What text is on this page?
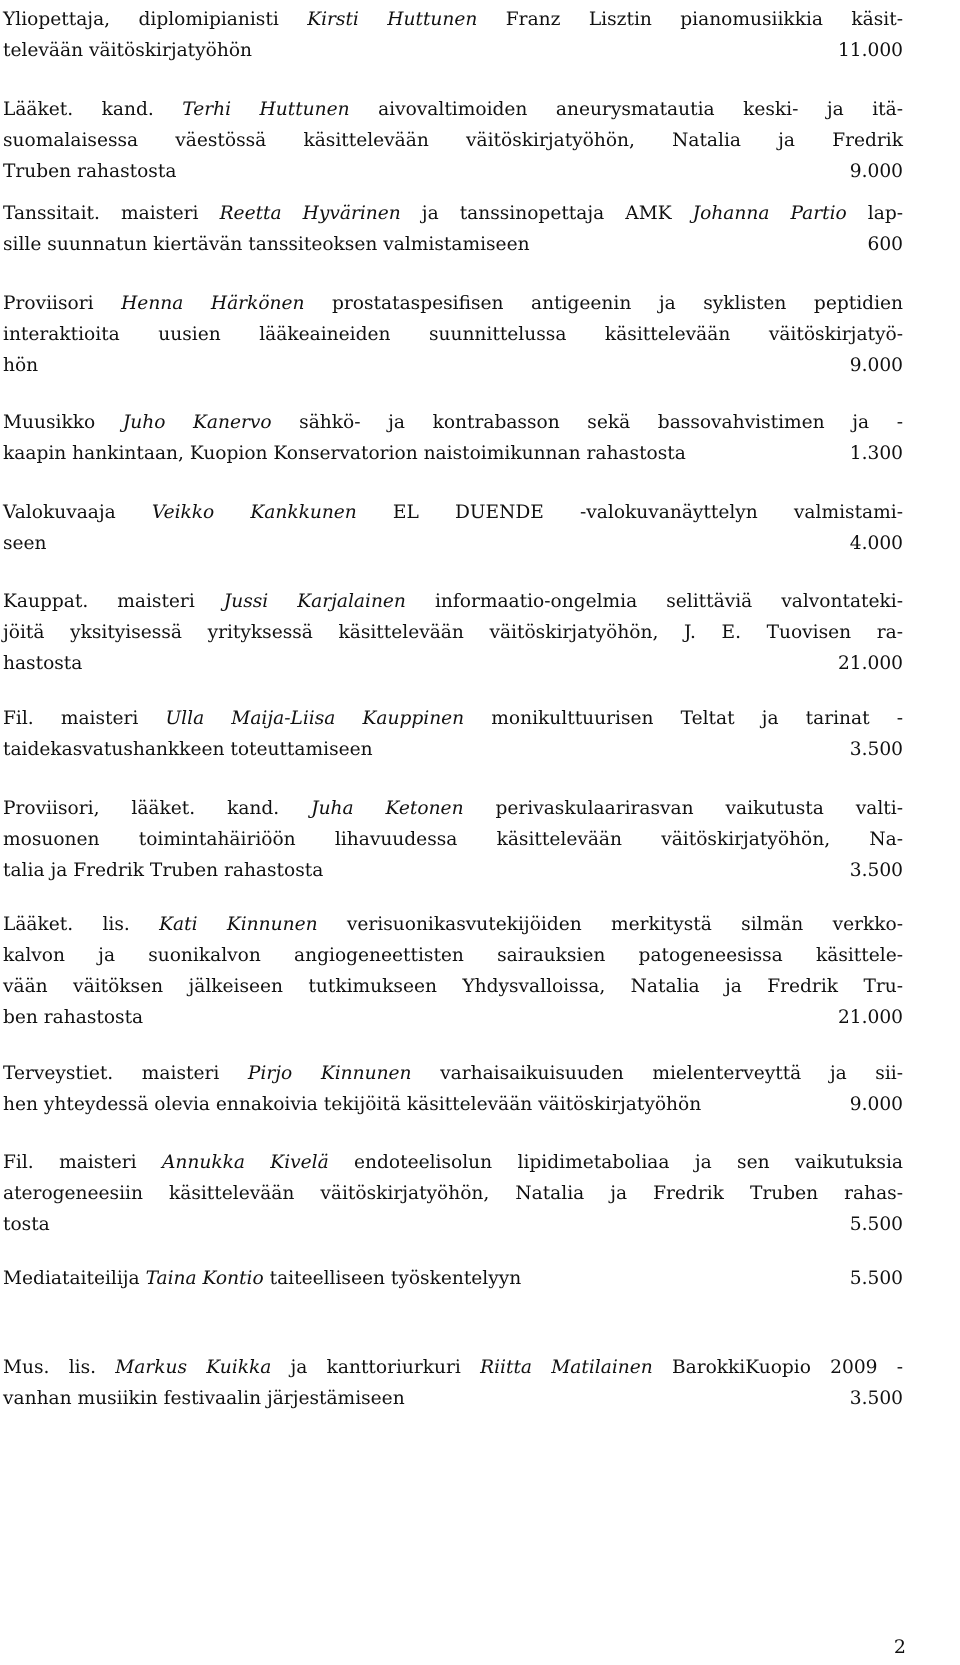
Yliopettaja, diplomipianisti Kirsti Huttunen Franz Lisztin pianomusiikkia käsit-
televään väitöskirjatyöhön	11.000
Lääket. kand. Terhi Huttunen aivovaltimoiden aneurysmatautia keski- ja itä-
suomalaisessa väestössä käsittelevään väitöskirjatyöhön, Natalia ja Fredrik
Truben rahastosta	9.000
Tanssitait. maisteri Reetta Hyvärinen ja tanssinopettaja AMK Johanna Partio lap-
sille suunnatun kiertävän tanssiteoksen valmistamiseen	600
Proviisori Henna Härkönen prostataspesifisen antigeenin ja syklisten peptidien
interaktioita uusien lääkeaineiden suunnittelussa käsittelevään väitöskirjatyö-
hön	9.000
Muusikko Juho Kanervo sähkö- ja kontrabasson sekä bassovahvistimen ja -
kaapin hankintaan, Kuopion Konservatorion naistoimikunnan rahastosta	1.300
Valokuvaaja Veikko Kankkunen EL DUENDE -valokuvanäyttelyn valmistami-
seen	4.000
Kauppat. maisteri Jussi Karjalainen informaatio-ongelmia selittäviä valvontateki-
jöitä yksityisessä yrityksessä käsittelevään väitöskirjatyöhön, J. E. Tuovisen ra-
hastosta	21.000
Fil. maisteri Ulla Maija-Liisa Kauppinen monikulttuurisen Teltat ja tarinat -
taidekasvatushankkeen toteuttamiseen	3.500
Proviisori, lääket. kand. Juha Ketonen perivaskulaarirasvan vaikutusta valti-
mosuonen toimintahäiriöön lihavuudessa käsittelevään väitöskirjatyöhön, Na-
talia ja Fredrik Truben rahastosta	3.500
Lääket. lis. Kati Kinnunen verisuonikasvutekijöiden merkitystä silmän verkko-
kalvon ja suonikalvon angiogeneettisten sairauksien patogeneesissa käsittele-
vään väitöksen jälkeiseen tutkimukseen Yhdysvalloissa, Natalia ja Fredrik Tru-
ben rahastosta	21.000
Terveystiet. maisteri Pirjo Kinnunen varhaisaikuisuuden mielenterveyttä ja sii-
hen yhteydessä olevia ennakoivia tekijöitä käsittelevään väitöskirjatyöhön	9.000
Fil. maisteri Annukka Kivelä endoteelisolun lipidimetaboliaa ja sen vaikutuksia
aterogeneesiin käsittelevään väitöskirjatyöhön, Natalia ja Fredrik Truben rahas-
tosta	5.500
Mediataiteilija Taina Kontio taiteelliseen työskentelyyn	5.500
Mus. lis. Markus Kuikka ja kanttoriurkuri Riitta Matilainen BarokkiKuopio 2009 -
vanhan musiikin festivaalin järjestämiseen	3.500
2
